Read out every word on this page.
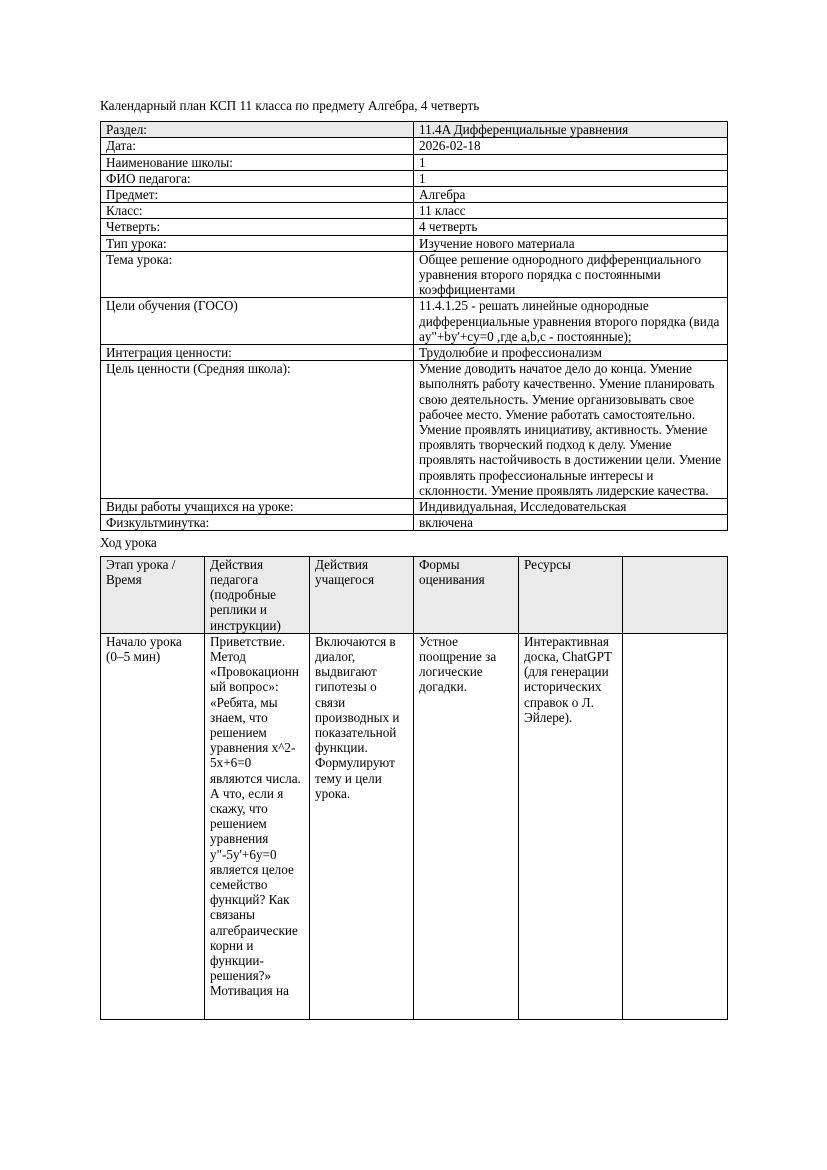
Календарный план КСП 11 класса по предмету Алгебра, 4 четверть

Раздел:	11.4A Дифференциальные уравнения
Дата:	2026-02-18
Наименование школы:	1
ФИО педагога:	1
Предмет:	Алгебра
Класс:	11 класс
Четверть:	4 четверть
Тип урока:	Изучение нового материала
Тема урока:	Общее решение однородного дифференциального уравнения второго порядка с постоянными коэффициентами
Цели обучения (ГОСО)	11.4.1.25 - решать линейные однородные дифференциальные уравнения второго порядка (вида ay"+by'+cy=0 ,где a,b,c - постоянные);
Интеграция ценности:	Трудолюбие и профессионализм
Цель ценности (Средняя школа):	Умение доводить начатое дело до конца. Умение выполнять работу качественно. Умение планировать свою деятельность. Умение организовывать свое рабочее место. Умение работать самостоятельно. Умение проявлять инициативу, активность. Умение проявлять творческий подход к делу. Умение проявлять настойчивость в достижении цели. Умение проявлять профессиональные интересы и склонности. Умение проявлять лидерские качества.
Виды работы учащихся на уроке:	Индивидуальная, Исследовательская
Физкультминутка:	включена

Ход урока

Этап урока / Время	Действия педагога (подробные реплики и инструкции)	Действия учащегося	Формы оценивания	Ресурсы	

Начало урока (0–5 мин)	Приветствие. Метод «Провокационный вопрос»: «Ребята, мы знаем, что решением уравнения x^2-5x+6=0 являются числа. А что, если я скажу, что решением уравнения y"-5y'+6y=0 является целое семейство функций? Как связаны алгебраические корни и функции-решения?» Мотивация на	Включаются в диалог, выдвигают гипотезы о связи производных и показательной функции. Формулируют тему и цели урока.	Устное поощрение за логические догадки.	Интерактивная доска, ChatGPT (для генерации исторических справок о Л. Эйлере).	
